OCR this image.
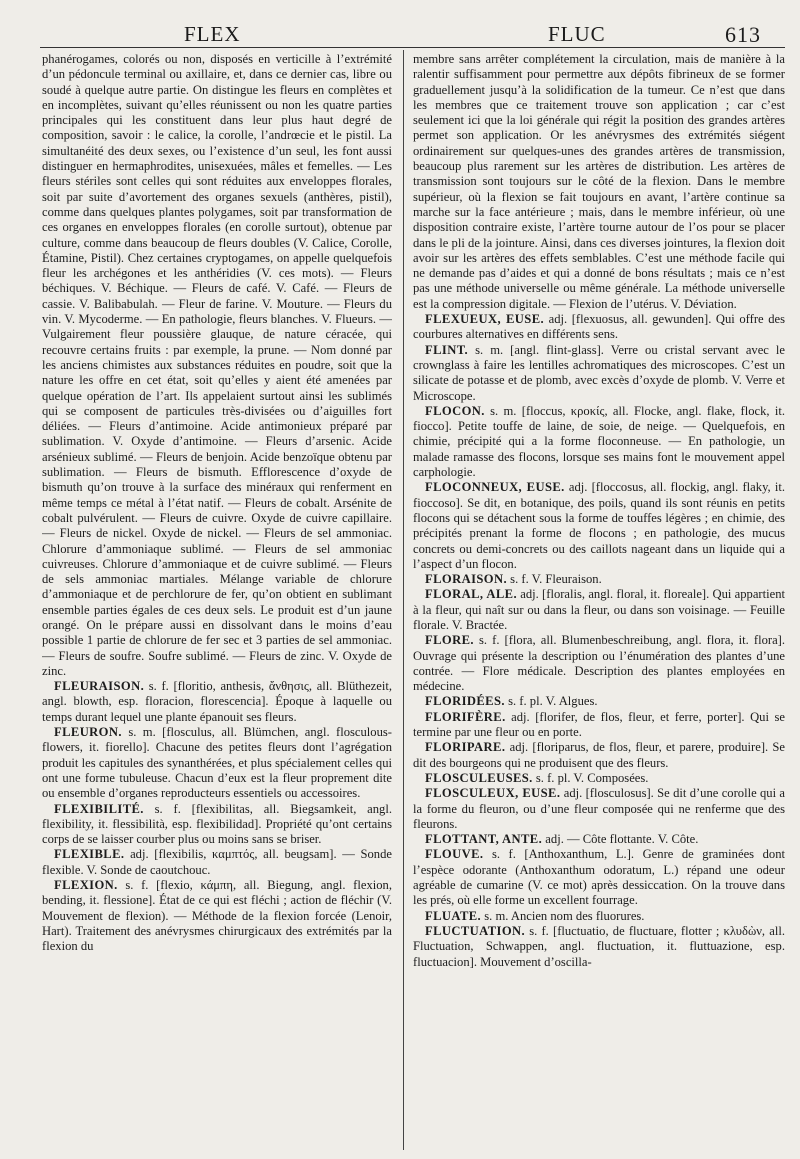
FLEX	FLUC	613

phanérogames, colorés ou non, disposés en verticille à l’extrémité d’un pédoncule terminal ou axillaire, et, dans ce dernier cas, libre ou soudé à quelque autre partie. On distingue les fleurs en complètes et en incomplètes, suivant qu’elles réunissent ou non les quatre parties principales qui les constituent dans leur plus haut degré de composition, savoir : le calice, la corolle, l’andrœcie et le pistil. La simultanéité des deux sexes, ou l’existence d’un seul, les font aussi distinguer en hermaphrodites, unisexuées, mâles et femelles. — Les fleurs stériles sont celles qui sont réduites aux enveloppes florales, soit par suite d’avortement des organes sexuels (anthères, pistil), comme dans quelques plantes polygames, soit par transformation de ces organes en enveloppes florales (en corolle surtout), obtenue par culture, comme dans beaucoup de fleurs doubles (V. Calice, Corolle, Étamine, Pistil). Chez certaines cryptogames, on appelle quelquefois fleur les archégones et les anthéridies (V. ces mots). — Fleurs béchiques. V. Béchique. — Fleurs de café. V. Café. — Fleurs de cassie. V. Balibabulah. — Fleur de farine. V. Mouture. — Fleurs du vin. V. Mycoderme. — En pathologie, fleurs blanches. V. Flueurs. — Vulgairement fleur poussière glauque, de nature céracée, qui recouvre certains fruits : par exemple, la prune. — Nom donné par les anciens chimistes aux substances réduites en poudre, soit que la nature les offre en cet état, soit qu’elles y aient été amenées par quelque opération de l’art. Ils appelaient surtout ainsi les sublimés qui se composent de particules très-divisées ou d’aiguilles fort déliées. — Fleurs d’antimoine. Acide antimonieux préparé par sublimation. V. Oxyde d’antimoine. — Fleurs d’arsenic. Acide arsénieux sublimé. — Fleurs de benjoin. Acide benzoïque obtenu par sublimation. — Fleurs de bismuth. Efflorescence d’oxyde de bismuth qu’on trouve à la surface des minéraux qui renferment en même temps ce métal à l’état natif. — Fleurs de cobalt. Arsénite de cobalt pulvérulent. — Fleurs de cuivre. Oxyde de cuivre capillaire. — Fleurs de nickel. Oxyde de nickel. — Fleurs de sel ammoniac. Chlorure d’ammoniaque sublimé. — Fleurs de sel ammoniac cuivreuses. Chlorure d’ammoniaque et de cuivre sublimé. — Fleurs de sels ammoniac martiales. Mélange variable de chlorure d’ammoniaque et de perchlorure de fer, qu’on obtient en sublimant ensemble parties égales de ces deux sels. Le produit est d’un jaune orangé. On le prépare aussi en dissolvant dans le moins d’eau possible 1 partie de chlorure de fer sec et 3 parties de sel ammoniac. — Fleurs de soufre. Soufre sublimé. — Fleurs de zinc. V. Oxyde de zinc.

FLEURAISON. s. f. [floritio, anthesis, ἄνθησις, all. Blüthezeit, angl. blowth, esp. floracion, florescencia]. Époque à laquelle ou temps durant lequel une plante épanouit ses fleurs.

FLEURON. s. m. [flosculus, all. Blümchen, angl. flosculous-flowers, it. fiorello]. Chacune des petites fleurs dont l’agrégation produit les capitules des synanthérées, et plus spécialement celles qui ont une forme tubuleuse. Chacun d’eux est la fleur proprement dite ou ensemble d’organes reproducteurs essentiels ou accessoires.

FLEXIBILITÉ. s. f. [flexibilitas, all. Biegsamkeit, angl. flexibility, it. flessibilità, esp. flexibilidad]. Propriété qu’ont certains corps de se laisser courber plus ou moins sans se briser.

FLEXIBLE. adj. [flexibilis, καμπτός, all. beugsam]. — Sonde flexible. V. Sonde de caoutchouc.

FLEXION. s. f. [flexio, κάμπη, all. Biegung, angl. flexion, bending, it. flessione]. État de ce qui est fléchi ; action de fléchir (V. Mouvement de flexion). — Méthode de la flexion forcée (Lenoir, Hart). Traitement des anévrysmes chirurgicaux des extrémités par la flexion du

membre sans arrêter complétement la circulation, mais de manière à la ralentir suffisamment pour permettre aux dépôts fibrineux de se former graduellement jusqu’à la solidification de la tumeur. Ce n’est que dans les membres que ce traitement trouve son application ; car c’est seulement ici que la loi générale qui régit la position des grandes artères permet son application. Or les anévrysmes des extrémités siégent ordinairement sur quelques-unes des grandes artères de transmission, beaucoup plus rarement sur les artères de distribution. Les artères de transmission sont toujours sur le côté de la flexion. Dans le membre supérieur, où la flexion se fait toujours en avant, l’artère continue sa marche sur la face antérieure ; mais, dans le membre inférieur, où une disposition contraire existe, l’artère tourne autour de l’os pour se placer dans le pli de la jointure. Ainsi, dans ces diverses jointures, la flexion doit avoir sur les artères des effets semblables. C’est une méthode facile qui ne demande pas d’aides et qui a donné de bons résultats ; mais ce n’est pas une méthode universelle ou même générale. La méthode universelle est la compression digitale. — Flexion de l’utérus. V. Déviation.

FLEXUEUX, EUSE. adj. [flexuosus, all. gewunden]. Qui offre des courbures alternatives en différents sens.

FLINT. s. m. [angl. flint-glass]. Verre ou cristal servant avec le crownglass à faire les lentilles achromatiques des microscopes. C’est un silicate de potasse et de plomb, avec excès d’oxyde de plomb. V. Verre et Microscope.

FLOCON. s. m. [floccus, κροκίς, all. Flocke, angl. flake, flock, it. fiocco]. Petite touffe de laine, de soie, de neige. — Quelquefois, en chimie, précipité qui a la forme floconneuse. — En pathologie, un malade ramasse des flocons, lorsque ses mains font le mouvement appel carphologie.

FLOCONNEUX, EUSE. adj. [floccosus, all. flockig, angl. flaky, it. fioccoso]. Se dit, en botanique, des poils, quand ils sont réunis en petits flocons qui se détachent sous la forme de touffes légères ; en chimie, des précipités prenant la forme de flocons ; en pathologie, des mucus concrets ou demi-concrets ou des caillots nageant dans un liquide qui a l’aspect d’un flocon.

FLORAISON. s. f. V. Fleuraison.

FLORAL, ALE. adj. [floralis, angl. floral, it. floreale]. Qui appartient à la fleur, qui naît sur ou dans la fleur, ou dans son voisinage. — Feuille florale. V. Bractée.

FLORE. s. f. [flora, all. Blumenbeschreibung, angl. flora, it. flora]. Ouvrage qui présente la description ou l’énumération des plantes d’une contrée. — Flore médicale. Description des plantes employées en médecine.

FLORIDÉES. s. f. pl. V. Algues.

FLORIFÈRE. adj. [florifer, de flos, fleur, et ferre, porter]. Qui se termine par une fleur ou en porte.

FLORIPARE. adj. [floriparus, de flos, fleur, et parere, produire]. Se dit des bourgeons qui ne produisent que des fleurs.

FLOSCULEUSES. s. f. pl. V. Composées.

FLOSCULEUX, EUSE. adj. [flosculosus]. Se dit d’une corolle qui a la forme du fleuron, ou d’une fleur composée qui ne renferme que des fleurons.

FLOTTANT, ANTE. adj. — Côte flottante. V. Côte.

FLOUVE. s. f. [Anthoxanthum, L.]. Genre de graminées dont l’espèce odorante (Anthoxanthum odoratum, L.) répand une odeur agréable de cumarine (V. ce mot) après dessiccation. On la trouve dans les prés, où elle forme un excellent fourrage.

FLUATE. s. m. Ancien nom des fluorures.

FLUCTUATION. s. f. [fluctuatio, de fluctuare, flotter ; κλυδὼν, all. Fluctuation, Schwappen, angl. fluctuation, it. fluttuazione, esp. fluctuacion]. Mouvement d’oscilla-
